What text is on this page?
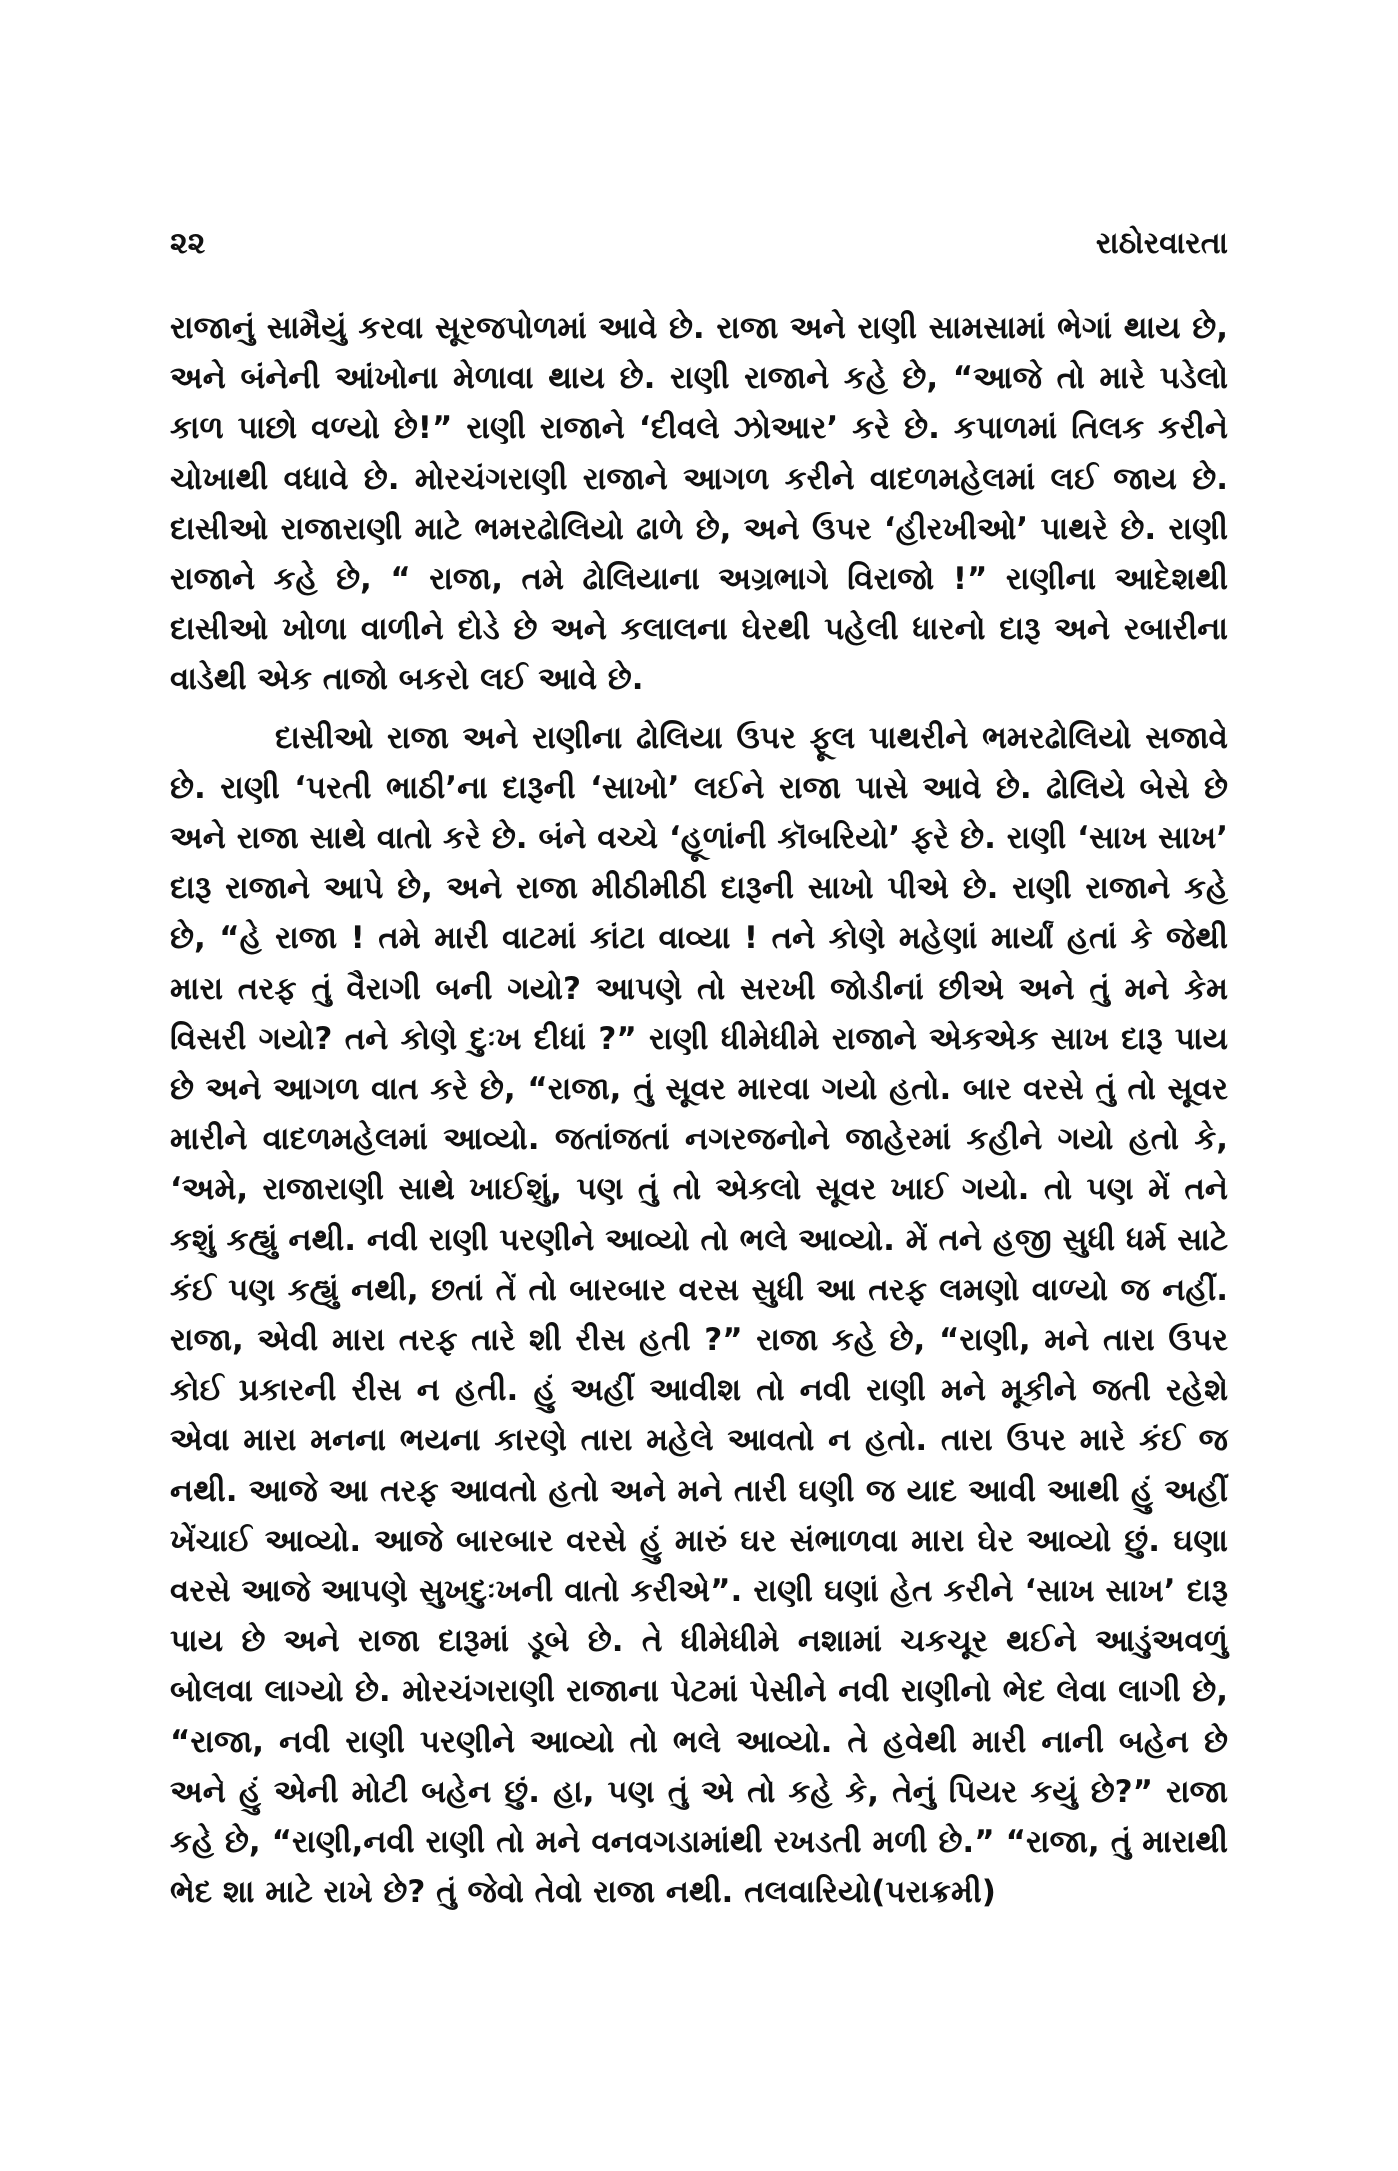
૨૨	રાઠોરવારતા

રાજાનું સામૈયું કરવા સૂરજપોળમાં આવે છે. રાજા અને રાણી સામસામાં ભેગાં થાય છે, અને બંનેની આંખોના મેળાવા થાય છે. રાણી રાજાને કહે છે, “આજે તો મારે પડેલો કાળ પાછો વળ્યો છે!” રાણી રાજાને ‘દીવલે ઝોઆર’ કરે છે. કપાળમાં તિલક કરીને ચોખાથી વધાવે છે. મોરચંગરાણી રાજાને આગળ કરીને વાદળમહેલમાં લઈ જાય છે. દાસીઓ રાજારાણી માટે ભમરઢોલિયો ઢાળે છે, અને ઉપર ‘હીરખીઓ’ પાથરે છે. રાણી રાજાને કહે છે, “ રાજા, તમે ઢોલિયાના અગ્રભાગે વિરાજો !” રાણીના આદેશથી દાસીઓ ખોળા વાળીને દોડે છે અને કલાલના ઘેરથી પહેલી ધારનો દારૂ અને રબારીના વાડેથી એક તાજો બકરો લઈ આવે છે.

દાસીઓ રાજા અને રાણીના ઢોલિયા ઉપર ફૂલ પાથરીને ભમરઢોલિયો સજાવે છે. રાણી ‘પરતી ભાઠી’ના દારૂની ‘સાખો’ લઈને રાજા પાસે આવે છે. ઢોલિયે બેસે છે અને રાજા સાથે વાતો કરે છે. બંને વચ્ચે ‘હૂળાંની કૉબરિયો’ ફરે છે. રાણી ‘સાખ સાખ’ દારૂ રાજાને આપે છે, અને રાજા મીઠીમીઠી દારૂની સાખો પીએ છે. રાણી રાજાને કહે છે, “હે રાજા ! તમે મારી વાટમાં કાંટા વાવ્યા ! તને કોણે મહેણાં માર્યાં હતાં કે જેથી મારા તરફ તું વૈરાગી બની ગયો? આપણે તો સરખી જોડીનાં છીએ અને તું મને કેમ વિસરી ગયો? તને કોણે દુઃખ દીધાં ?” રાણી ધીમેધીમે રાજાને એકએક સાખ દારૂ પાય છે અને આગળ વાત કરે છે, “રાજા, તું સૂવર મારવા ગયો હતો. બાર વરસે તું તો સૂવર મારીને વાદળમહેલમાં આવ્યો. જતાંજતાં નગરજનોને જાહેરમાં કહીને ગયો હતો કે, ‘અમે, રાજારાણી સાથે ખાઈશું, પણ તું તો એકલો સૂવર ખાઈ ગયો. તો પણ મેં તને કશું કહ્યું નથી. નવી રાણી પરણીને આવ્યો તો ભલે આવ્યો. મેં તને હજી સુધી ધર્મ સાટે કંઈ પણ કહ્યું નથી, છતાં તેં તો બારબાર વરસ સુધી આ તરફ લમણો વાળ્યો જ નહીં. રાજા, એવી મારા તરફ તારે શી રીસ હતી ?” રાજા કહે છે, “રાણી, મને તારા ઉપર કોઈ પ્રકારની રીસ ન હતી. હું અહીં આવીશ તો નવી રાણી મને મૂકીને જતી રહેશે એવા મારા મનના ભયના કારણે તારા મહેલે આવતો ન હતો. તારા ઉપર મારે કંઈ જ નથી. આજે આ તરફ આવતો હતો અને મને તારી ઘણી જ યાદ આવી આથી હું અહીં ખેંચાઈ આવ્યો. આજે બારબાર વરસે હું મારું ઘર સંભાળવા મારા ઘેર આવ્યો છું. ઘણા વરસે આજે આપણે સુખદુઃખની વાતો કરીએ”. રાણી ઘણાં હેત કરીને ‘સાખ સાખ’ દારૂ પાય છે અને રાજા દારૂમાં ડૂબે છે. તે ધીમેધીમે નશામાં ચકચૂર થઈને આડુંઅવળું બોલવા લાગ્યો છે. મોરચંગરાણી રાજાના પેટમાં પેસીને નવી રાણીનો ભેદ લેવા લાગી છે, “રાજા, નવી રાણી પરણીને આવ્યો તો ભલે આવ્યો. તે હવેથી મારી નાની બહેન છે અને હું એની મોટી બહેન છું. હા, પણ તું એ તો કહે કે, તેનું પિયર કયું છે?” રાજા કહે છે, “રાણી,નવી રાણી તો મને વનવગડામાંથી રખડતી મળી છે.” “રાજા, તું મારાથી ભેદ શા માટે રાખે છે? તું જેવો તેવો રાજા નથી. તલવારિયો(પરાક્રમી)
